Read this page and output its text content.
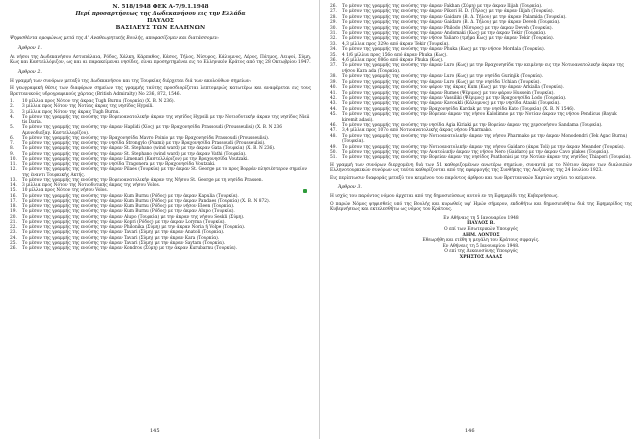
Ν. 518/1948 ΦΕΚ Α-7/9.1.1948

Περί προσαρτήσεως της Δωδεκανήσου εις την Ελλάδα

ΠΑΥΛΟΣ

ΒΑΣΙΛΕΥΣ ΤΩΝ ΕΛΛΗΝΩΝ

Ψηφισθέντα ομοφώνως μετά της Δ' Αναθεωρητικής Βουλής, αποφασίζομεν και διατάσσομεν:

Άρθρον 1.

Αι νήσοι της Δωδεκανήσου Αστυπάλαια, Ρόδος, Χάλκη, Κάρπαθος, Κάσος, Τήλος, Νίσυρος, Κάλυμνος, Λέρος, Πάτμος, Λειψοί, Σύμη, Κως και Καστελλόριζον, ως και αι παρακείμεναι νησίδες, είναι προσηρτημέναι εις το Ελληνικόν Κράτος από της 28 Οκτωβρίου 1947.

Άρθρον 2.

Η γραμμή των συνόρων μεταξύ της Δωδεκανήσου και της Τουρκίας διέρχεται διά των ακολούθων σημείων:

Η γεωγραφική θέσις των διαφόρων σημείων της γραμμής ταύτης προσδιορίζεται λεπτομερώς κατωτέρω και αναφέρεται εις τους Βρεττανικούς υδρογραφικούς χάρτας (British Admiralty) Νο 236, 872, 1546.

1.	10 μίλλια προς Νότον της άκρας Tugh Burnu (Τουρκία) (Χ. Β. Ν 236).
2.	3 μίλλια προς Νότον της Νοτίας άκρας της νησίδος Hypsili.
3.	3 μίλλια προς Νότον της άκρας Tugh Burnu.
4.	Το μέσον της γραμμής της ενούσης την Βορειοανατολικήν άκραν της νησίδος Hypsili με την Νοτιοδυτικήν άκραν της νησίδος Nisii tis Daria.
5.	Το μέσον της γραμμής της ενούσης την άκραν Haplidi (Χίος) με την Βραχονησίδα Prassoudi (Prousseulisi) (Χ. Β. Ν 236 Αμυνοδιεξαγ. Καστελλορίζου).
6.	Το μέσον της γραμμής της ενούσης την Βραχονησίδα Mavro Poinio με την Βραχονησίδα Prassoudi (Prousseulisi).
7.	Το μέσον της γραμμής της ενούσης την νησίδα Strongylo (Psami) με την Βραχονησίδα Prassoudi (Prousseulisi).
8.	Το μέσον της γραμμής της ενούσης την άκραν St. Stephano (wind ward) με την άκραν Gata (Τουρκία) (Χ. Β. Ν 236).
9.	Το μέσον της γραμμής της ενούσης την άκραν St. Stephano (wind ward) με την άκραν Vathi (Τουρκία).
10.	Το μέσον της γραμμής της ενούσης την άκραν Limenari (Καστελλόριζον) με την Βραχονησίδα Voutzaki.
11.	Το μέσον της γραμμής της ενούσης την νησίδα Tragonera με την Βραχονησίδα Voutzaki.
12.	Το μέσον της γραμμής της ενούσης την άκραν Pilaes (Τουρκία) με την άκραν St. George με το προς Βορράν πλησιέστερον σημείον της έναντι Τουρκικής Ακτής.
13.	Το μέσον της γραμμής της ενούσης την Βορειοανατολικήν άκραν της Νήσου St. George με τη νησίδα Prassen.
14.	3 μίλλια προς Νότον της Νοτιοδυτικής άκρας της νήσου Volos.
15.	10 μίλλια προς Νότον της νήσου Volos.
16.	Το μέσον της γραμμής της ενούσης την άκραν Kum Burnu (Ρόδος) με την άκραν Kapulia (Τουρκία).
17.	Το μέσον της γραμμής της ενούσης την άκραν Kum Burnu (Ρόδος) με την άκραν Pandaes (Τουρκία) (Χ. Β. Ν 872).
18.	Το μέσον της γραμμής της ενούσης την άκραν Kum Burnu (Ρόδος) με την νήσον Eleen (Τουρκία).
19.	Το μέσον της γραμμής της ενούσης την άκραν Kum Burnu (Ρόδος) με την άκραν Alupo (Τουρκία).
20.	Το μέσον της γραμμής της ενούσης την άκραν Alupo (Τουρκία) με την άκραν της νήσου Seskli (Σύμη).
21.	Το μέσον της γραμμής της ενούσης την άκραν Kopri (Ρόδος) με την άκραν Loryma (Τουρκία).
22.	Το μέσον της γραμμής της ενούσης την άκραν Philonika (Σύμη) με την άκραν Noria ή Volpe (Τουρκία).
23.	Το μέσον της γραμμής της ενούσης την άκραν Tavari (Σύμη) με την άκραν Anatoli (Τουρκία).
24.	Το μέσον της γραμμής της ενούσης την άκραν Tavari (Σύμη) με την άκραν Kara (Τουρκία).
25.	Το μέσον της γραμμής της ενούσης την άκραν Tavari (Σύμη) με την άκραν Saytam (Τουρκία).
26.	Το μέσον της γραμμής της ενούσης την άκραν Kondros (Σύμη) με την άκραν Kurubarnu (Τουρκία).
145
26.	Το μέσον της γραμμής της ενούσης την άκραν Fakhan (Σύμη) με την άκραν Ilijah (Τουρκία).
27.	Το μέσον της γραμμής της ενούσης την άκραν Pikori H. D. (Τήλος) με την άκραν Ilijah (Τουρκία).
28.	Το μέσον της γραμμής της ενούσης την άκραν Gaidaro (Β. Δ. Τήλου) με την άκραν Palamida (Τουρκία).
29.	Το μέσον της γραμμής της ενούσης την άκραν Gaidaro (Β. Δ. Τήλου) με την άκραν Deveh (Τουρκία).
30.	Το μέσον της γραμμής της ενούσης την άκραν Philodo (Νίσυρος) με την άκραν Deveh (Τουρκία).
31.	Το μέσον της γραμμής της ενούσης την άκραν Andomaki (Κως) με την άκραν Tekir (Τουρκία).
32.	Το μέσον της γραμμής της ενούσης την νήσον Yaliaro (τμήμα Κως) με την άκραν Tekir (Τουρκία).
33.	4,3 μίλλια προς 329ο από άκραν Tekir (Τουρκία).
34.	Το μέσον της γραμμής της ενούσης την άκραν Phuka (Κως) με την νήσον Mordala (Τουρκία).
35.	4 1/6 μίλλια προς 156ο από άκραν Phuka (Κως).
36.	4,6 μίλλια προς 086ο από άκραν Phuka (Κως).
37.	Το μέσον της γραμμής της ενούσης την άκραν Luro (Κως) με την Βραχονησίδα την κειμένην εις την Νοτιοανατολικήν άκραν της νήσου Kara ada (Τουρκία).
38.	Το μέσον της γραμμής της ενούσης την άκραν Luro (Κως) με την νησίδα Gurinjik (Τουρκία).
39.	Το μέσον της γραμμής της ενούσης την άκραν Luro (Κως) με την νησίδα Uchian (Τουρκία).
40.	Το μέσον της γραμμής της ενούσης τον φάρον της άκρας Kum (Κως) με την άκραν Arkialla (Τουρκία).
41.	Το μέσον της γραμμής της ενούσης την άκραν Rumes (Ψέριμος) με τον φάρον Hussein (Τουρκία).
42.	Το μέσον της γραμμής της ενούσης την άκραν Vassiliki (Ψέριμος) με την Βραχονησίδα Lodo (Τουρκία).
43.	Το μέσον της γραμμής της ενούσης την άκραν Kavoukli (Κάλυμνος) με την νησίδα Ataaki (Τουρκία).
44.	Το μέσον της γραμμής της ενούσης την Βραχονησίδα Kardak με την νησίδα Kato (Τουρκία) (Χ. Β. Ν 1546).
45.	Το μέσον της γραμμής της ενούσης την Βόρειαν άκραν της νήσου Kalolimno με την Νοτίαν άκραν της νήσου Pendicus (Bayuk kiremit adasi).
46.	Το μέσον της γραμμής της ενούσης την νησίδα Agia Kiriaki με την Βορείαν άκραν της χερσονήσου Sandama (Τουρκία).
47.	3,4 μίλλια προς 107ο από Νοτιοανατολικής άκρας νήσου Pharmako.
48.	Το μέσον της γραμμής της ενούσης την Νοτιοανατολικήν άκραν της νήσου Pharmako με την άκραν Monodendri (Tek Agac Burnu) (Τουρκία).
49.	Το μέσον της γραμμής της ενούσης την Νοτιοανατολικήν άκραν της νήσου Gaidaro (άκρα Toli) με την άκραν Meander (Τουρκία).
50.	Το μέσον της γραμμής της ενούσης την Ανατολικήν άκραν της νήσου Nero (Gaidaro) με την άκραν Cavo plakes (Τουρκία).
51.	Το μέσον της γραμμής της ενούσης την Βορείαν άκραν της νησίδος Psathonisi με την Νοτίαν άκραν της νησίδος Thiapori (Τουρκία).

Η γραμμή των συνόρων διερχομένη διά των 51 καθοριζομένων ανωτέρω σημείων, συναντά με το Νότιον άκρον των διαλοιπών Ελληνοτουρκικών συνόρων ως ταύτα καθορίζονται από της εφαρμογής της Συνθήκης της Λωζάννης της 24 Ιουλίου 1923.

Εις περίπτωσιν διαφοράς μεταξύ του κειμένου του παρόντος άρθρου και των Βρεττανικών Χαρτών ισχύει το κείμενον.

Άρθρον 3.

Η ισχύς του παρόντος νόμου άρχεται από της δημοσιεύσεως αυτού εν τη Εφημερίδι της Κυβερνήσεως.

Ο παρών Νόμος ψηφισθείς υπό της Βουλής και κυρωθείς υφ' Ημών σήμερον, εκδοθήτω και δημοσιευθήτω διά της Εφημερίδος της Κυβερνήσεως και εκτελεσθήτω ως νόμος του Κράτους.

Εν Αθήναις τη 5 Ιανουαρίου 1948
ΠΑΥΛΟΣ Β.
Ο επί των Εσωτερικών Υπουργός
ΔΗΜ. ΛΟΝΤΟΣ
Εθεωρήθη και ετέθη η μεγάλη του Κράτους σφραγίς.
Εν Αθήναις τη 5 Ιανουαρίου 1948.
Ο επί της Δικαιοσύνης Υπουργός
ΧΡΗΣΤΟΣ ΛΑΔΑΣ
146
